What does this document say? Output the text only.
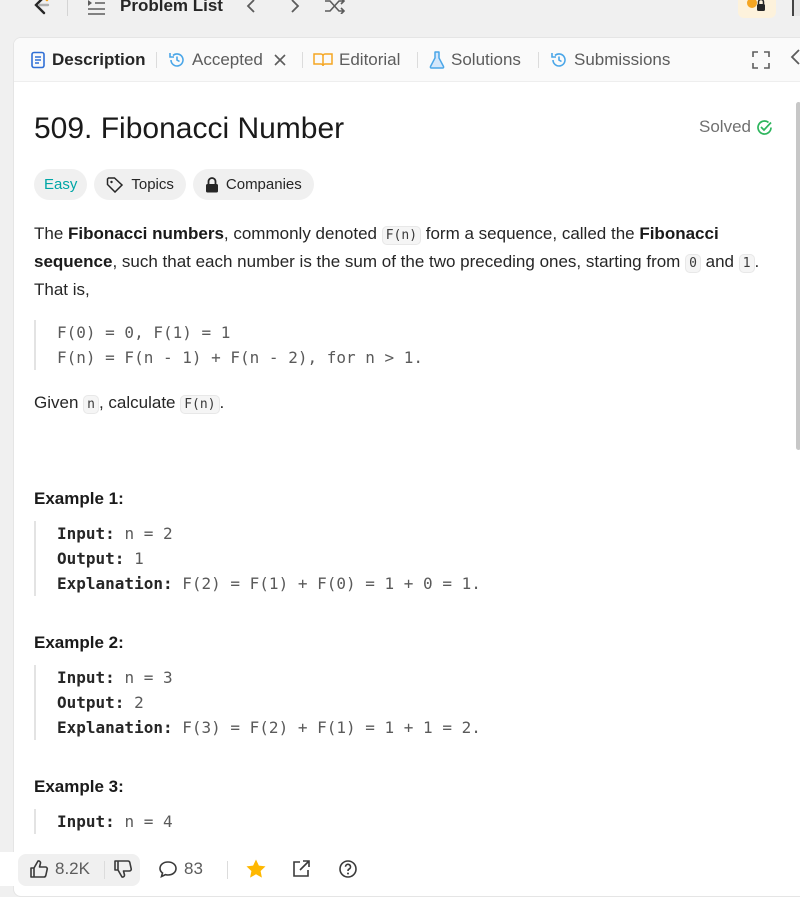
Problem List
Description	Accepted	Editorial	Solutions	Submissions
509. Fibonacci Number	Solved
Easy	Topics	Companies
The Fibonacci numbers, commonly denoted F(n) form a sequence, called the Fibonacci sequence, such that each number is the sum of the two preceding ones, starting from 0 and 1 . That is,
F(0) = 0, F(1) = 1
F(n) = F(n - 1) + F(n - 2), for n > 1.
Given n , calculate F(n) .
Example 1:
Input: n = 2
Output: 1
Explanation: F(2) = F(1) + F(0) = 1 + 0 = 1.
Example 2:
Input: n = 3
Output: 2
Explanation: F(3) = F(2) + F(1) = 1 + 1 = 2.
Example 3:
Input: n = 4
8.2K	83
